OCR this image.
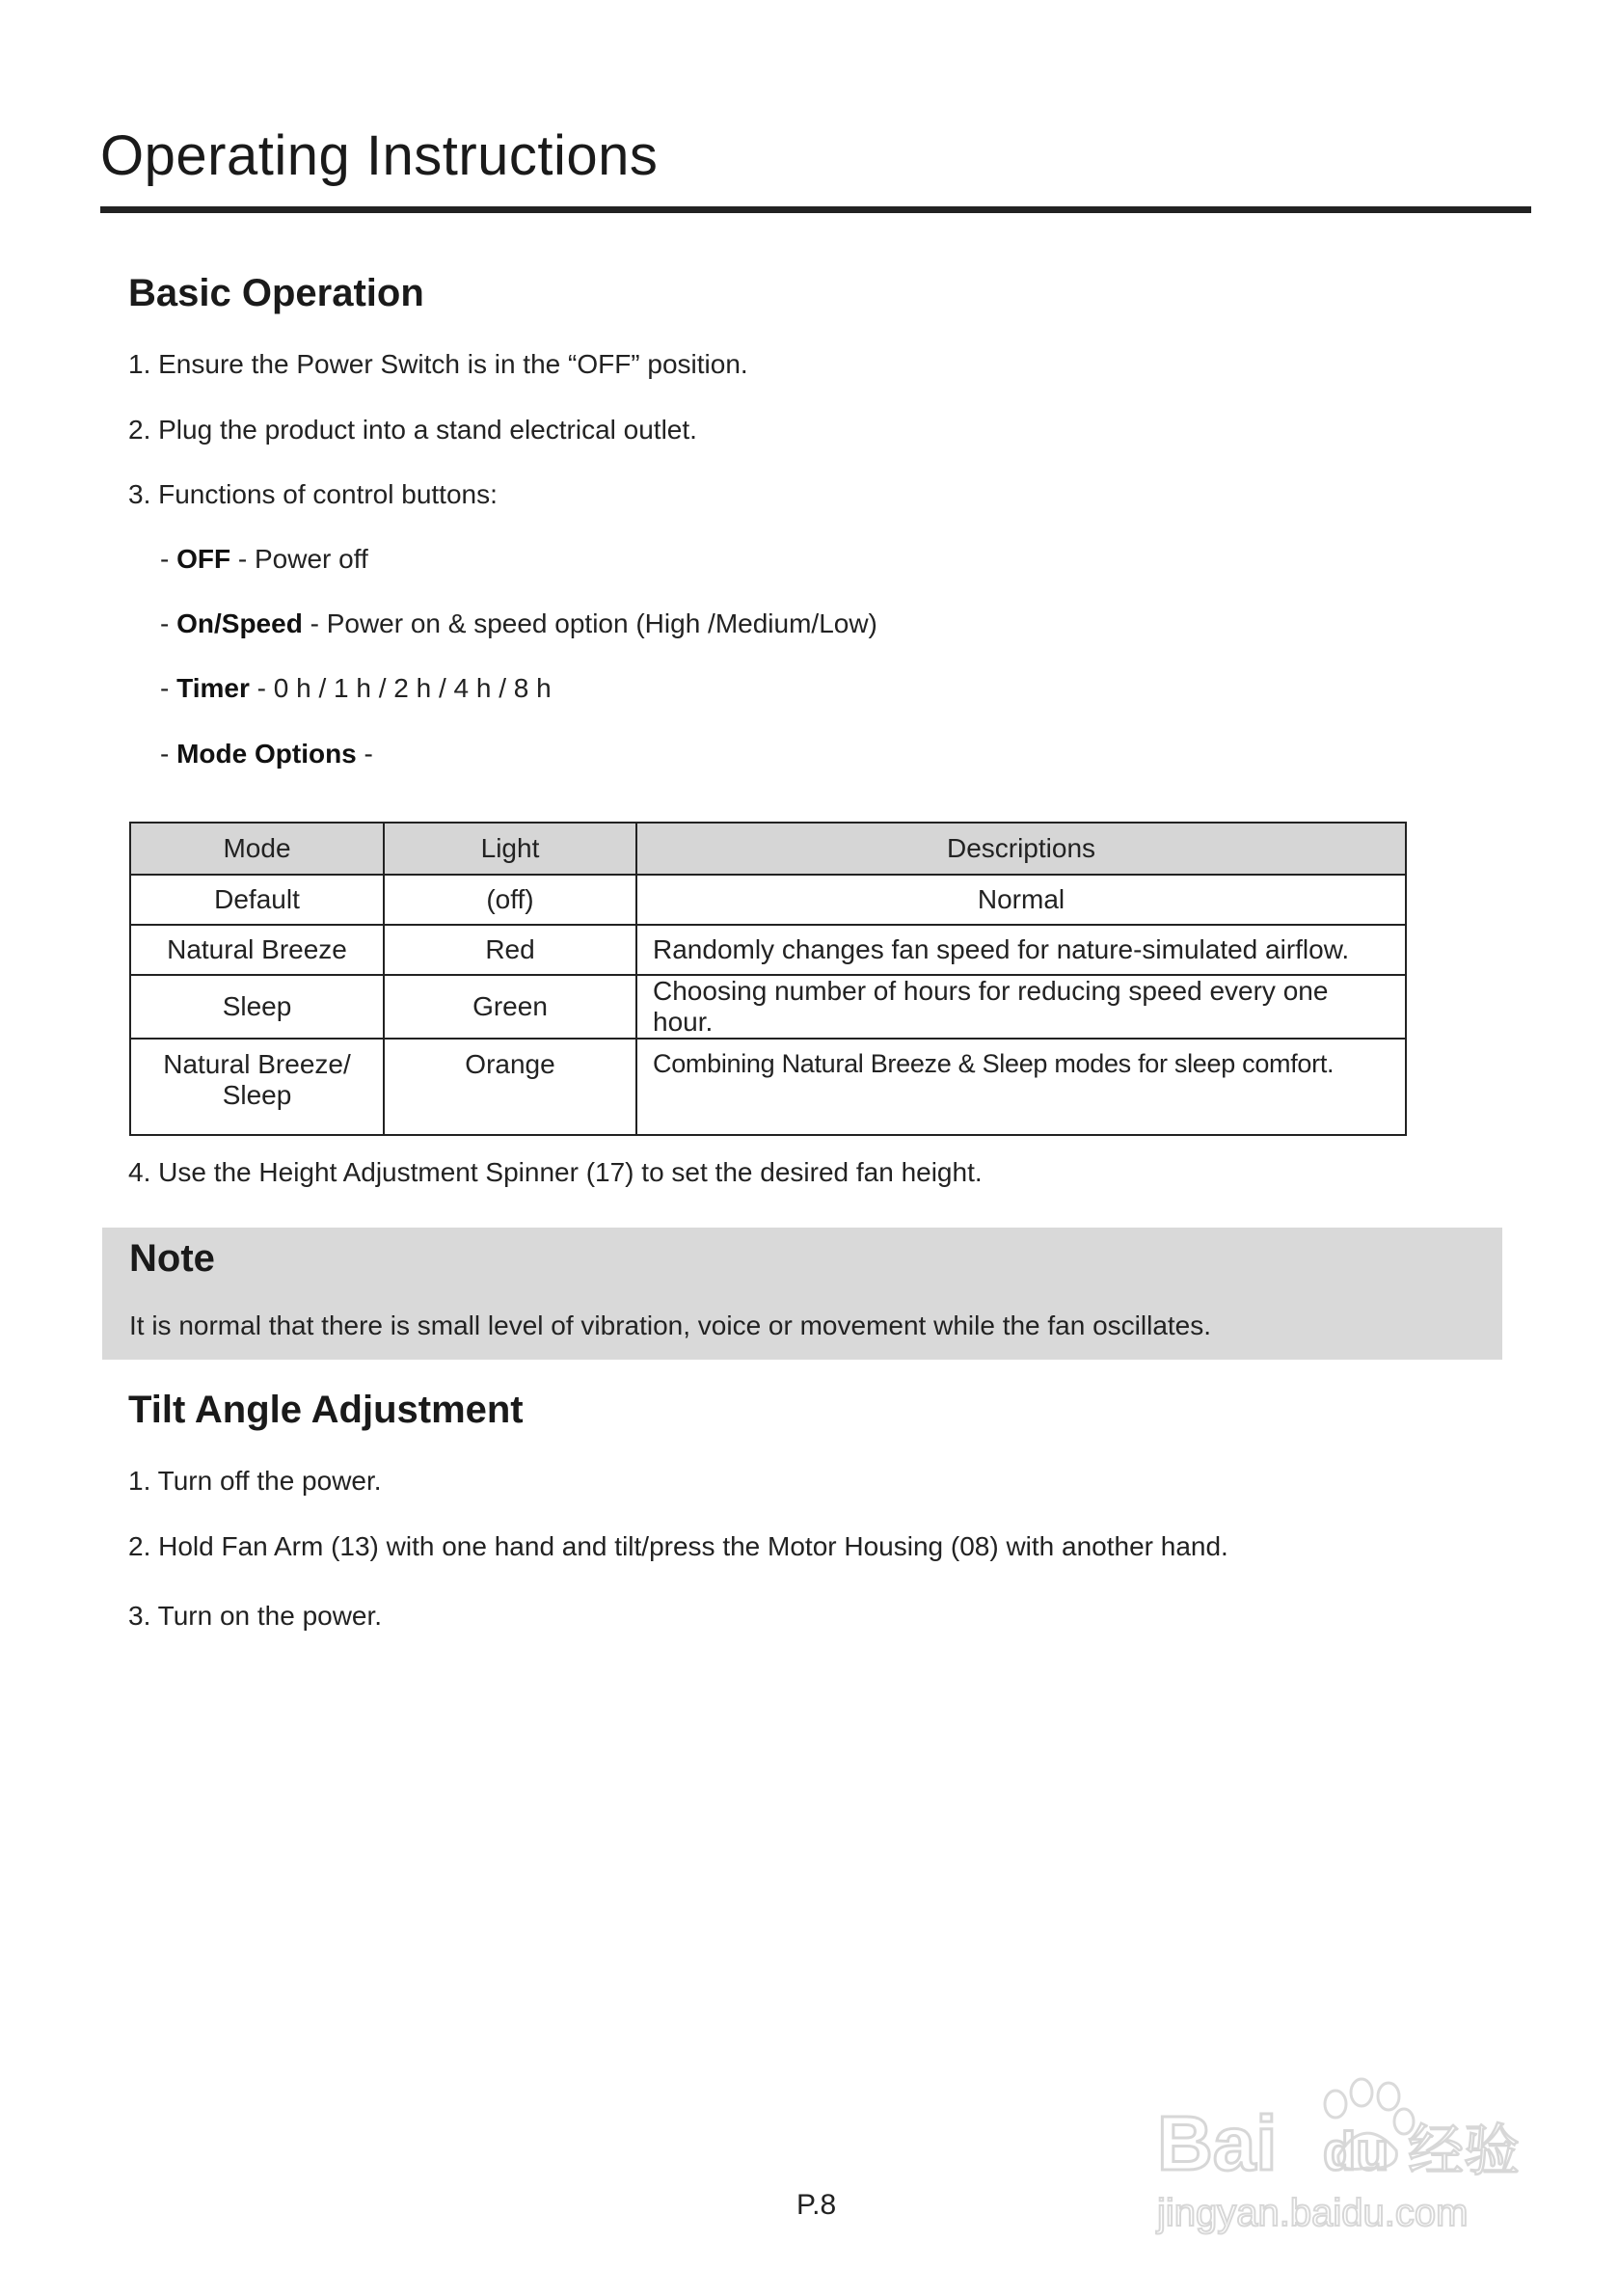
Operating Instructions
Basic Operation
1. Ensure the Power Switch is in the “OFF” position.
2. Plug the product into a stand electrical outlet.
3. Functions of control buttons:
- OFF - Power off
- On/Speed - Power on & speed option (High /Medium/Low)
- Timer - 0 h / 1 h / 2 h / 4 h / 8 h
- Mode Options -
Mode	Light	Descriptions
Default	(off)	Normal
Natural Breeze	Red	Randomly changes fan speed for nature-simulated airflow.
Sleep	Green	Choosing number of hours for reducing speed every one hour.
Natural Breeze/
Sleep	Orange	Combining Natural Breeze & Sleep modes for sleep comfort.
4. Use the Height Adjustment Spinner (17) to set the desired fan height.
Note
It is normal that there is small level of vibration, voice or movement while the fan oscillates.
Tilt Angle Adjustment
1. Turn off the power.
2. Hold Fan Arm (13) with one hand and tilt/press the Motor Housing (08) with another hand.
3. Turn on the power.
P.8
Bai du 经验
jingyan.baidu.com
